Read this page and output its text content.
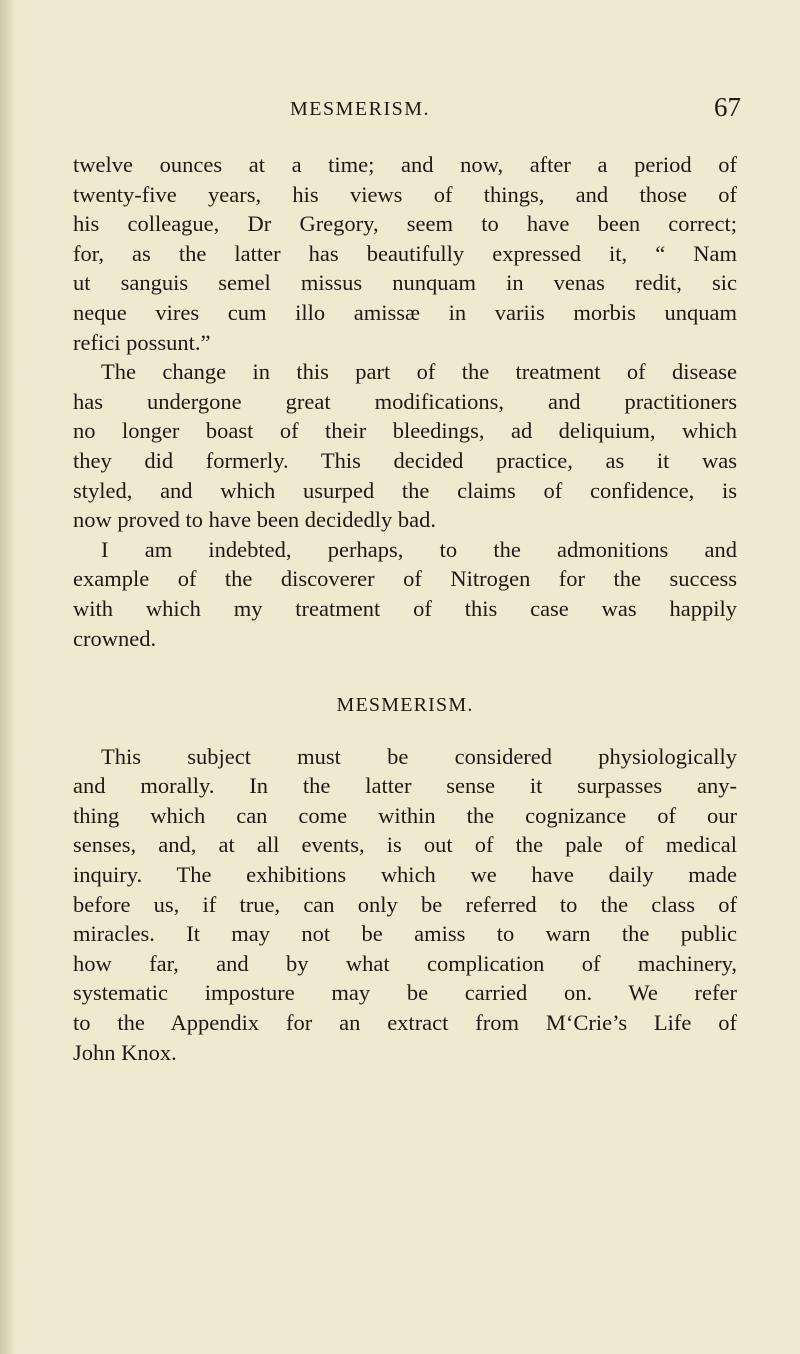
MESMERISM.	67
twelve ounces at a time; and now, after a period of
twenty-five years, his views of things, and those of
his colleague, Dr Gregory, seem to have been correct;
for, as the latter has beautifully expressed it, “ Nam
ut sanguis semel missus nunquam in venas redit, sic
neque vires cum illo amissæ in variis morbis unquam
refici possunt.”
The change in this part of the treatment of disease
has undergone great modifications, and practitioners
no longer boast of their bleedings, ad deliquium, which
they did formerly. This decided practice, as it was
styled, and which usurped the claims of confidence, is
now proved to have been decidedly bad.
I am indebted, perhaps, to the admonitions and
example of the discoverer of Nitrogen for the success
with which my treatment of this case was happily
crowned.
MESMERISM.
This subject must be considered physiologically
and morally. In the latter sense it surpasses any-
thing which can come within the cognizance of our
senses, and, at all events, is out of the pale of medical
inquiry. The exhibitions which we have daily made
before us, if true, can only be referred to the class of
miracles. It may not be amiss to warn the public
how far, and by what complication of machinery,
systematic imposture may be carried on. We refer
to the Appendix for an extract from M‘Crie’s Life of
John Knox.
